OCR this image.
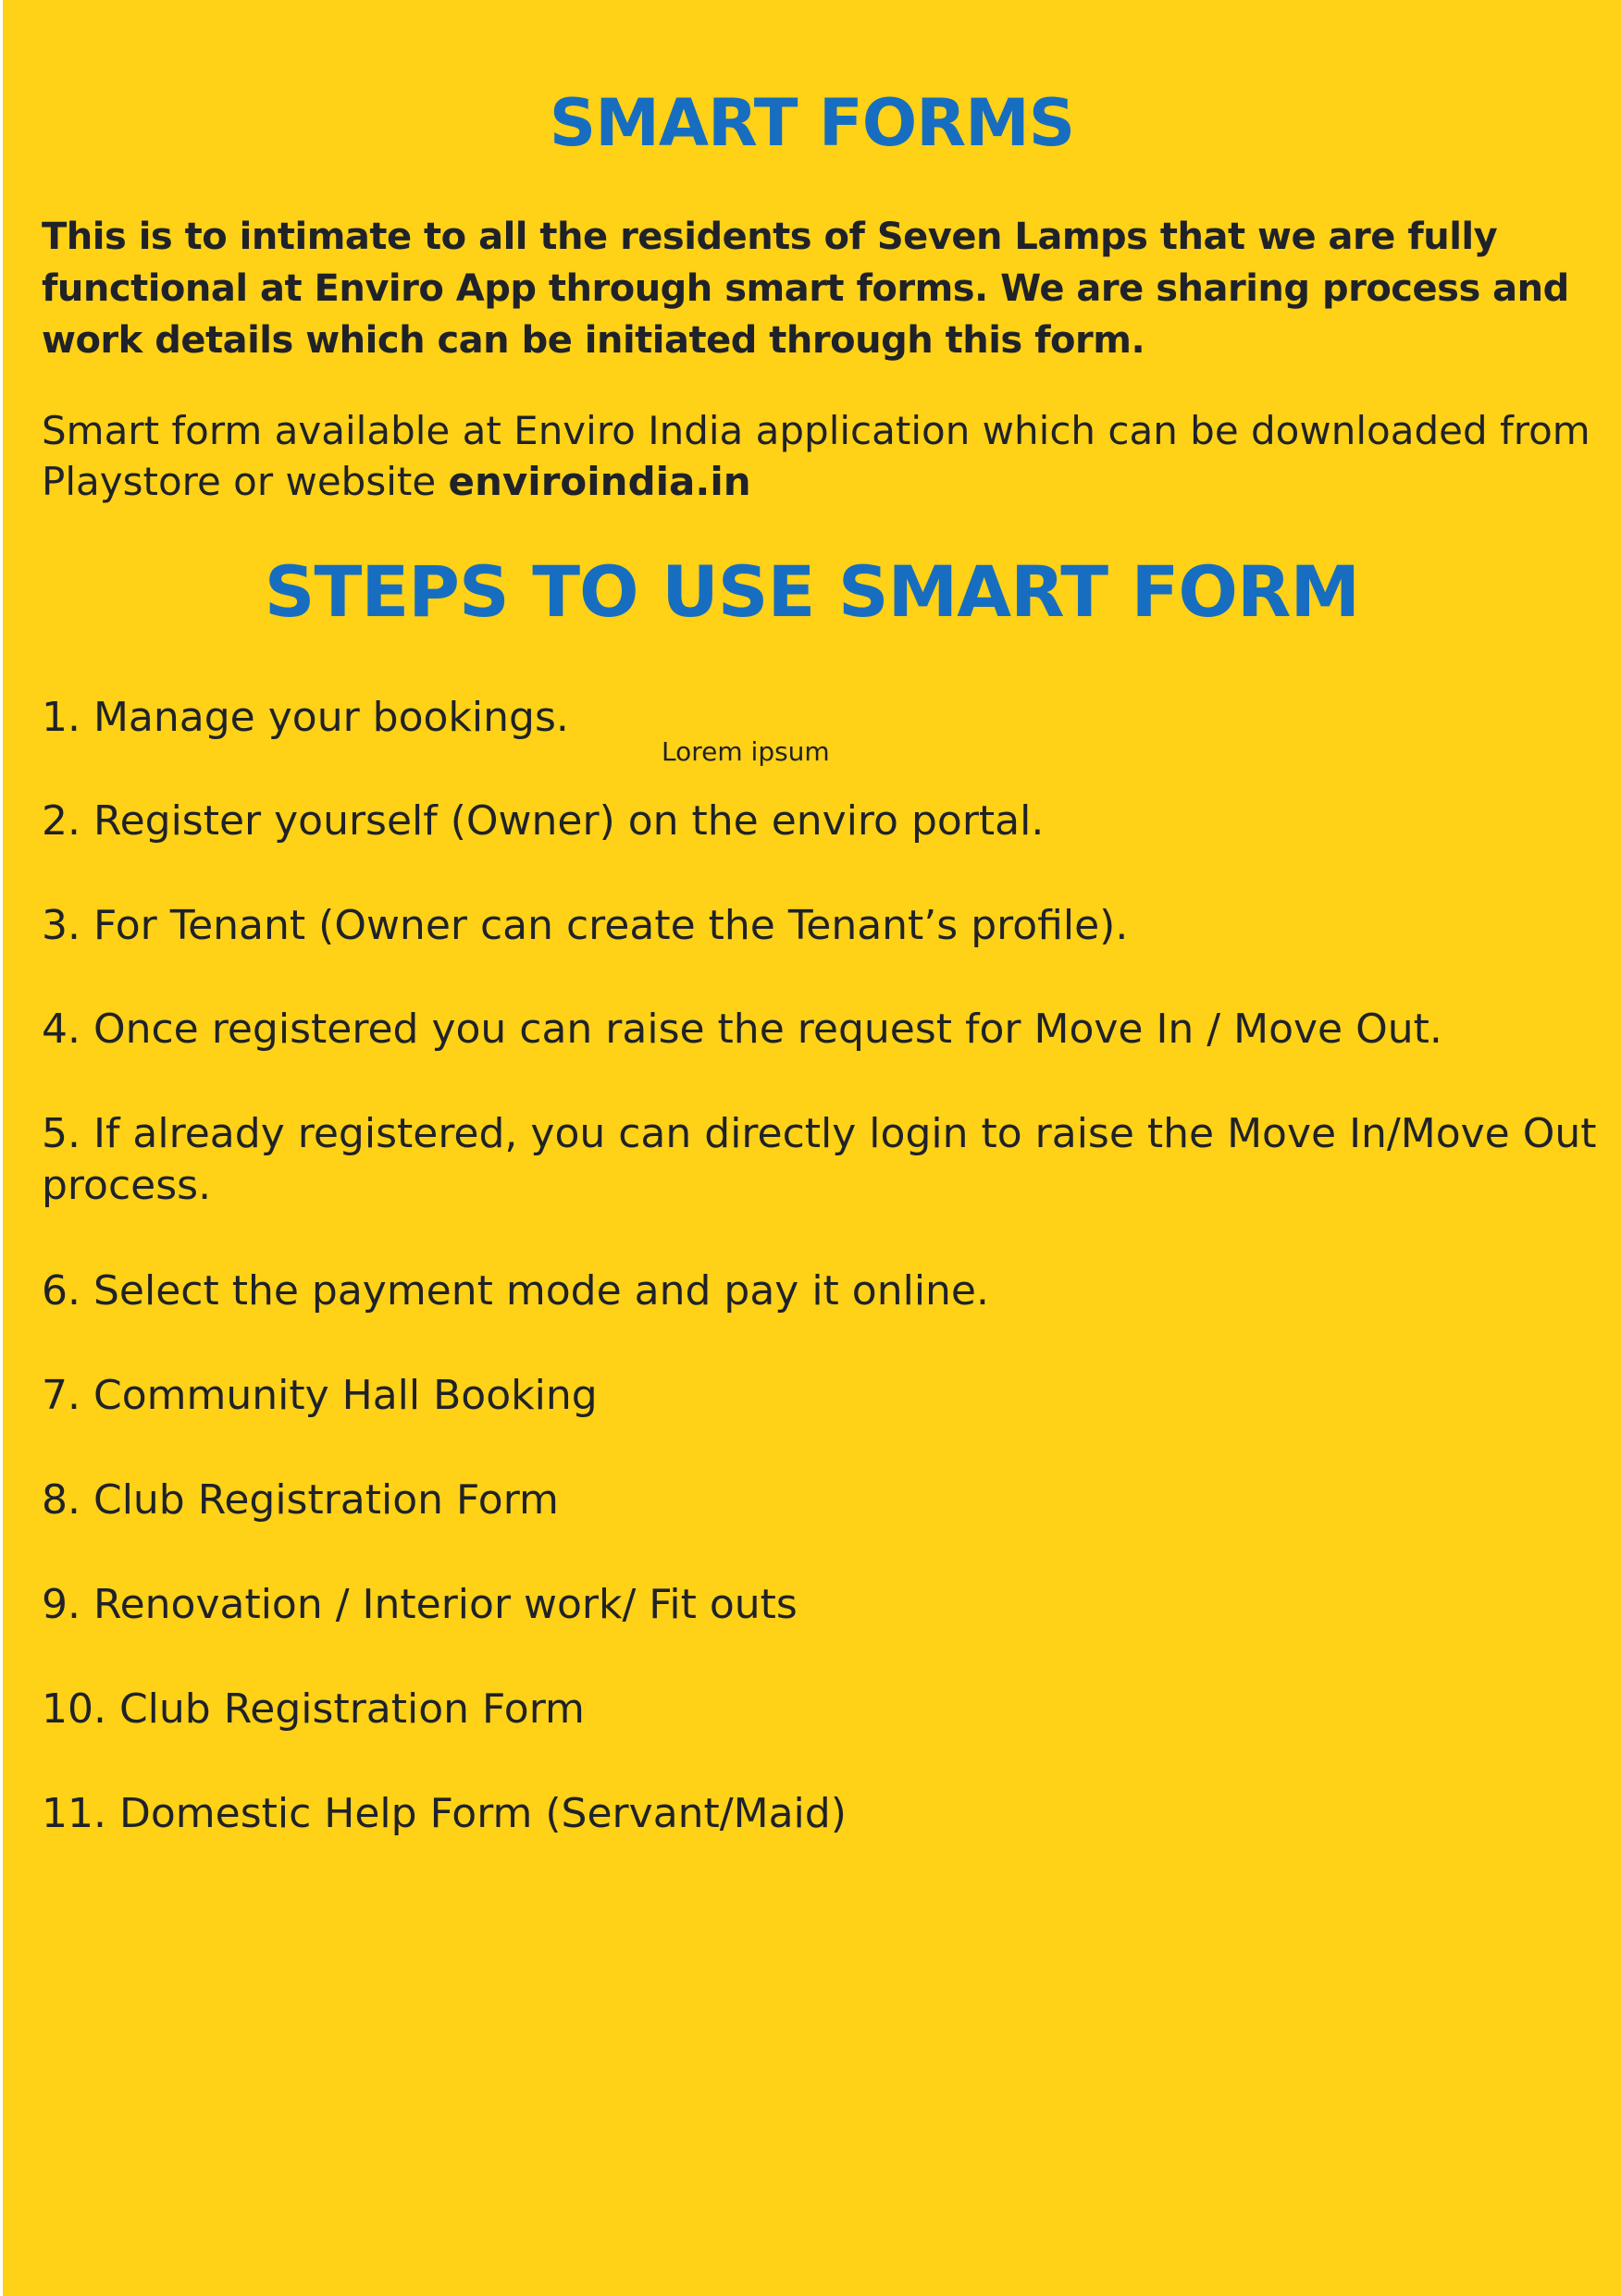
SMART FORMS

This is to intimate to all the residents of Seven Lamps that we are fully functional at Enviro App through smart forms. We are sharing process and work details which can be initiated through this form.

Smart form available at Enviro India application which can be downloaded from Playstore or website enviroindia.in

STEPS TO USE SMART FORM
Lorem ipsum
1. Manage your bookings.
2. Register yourself (Owner) on the enviro portal.
3. For Tenant (Owner can create the Tenant’s profile).
4. Once registered you can raise the request for Move In / Move Out.
5. If already registered, you can directly login to raise the Move In/Move Out process.
6. Select the payment mode and pay it online.
7. Community Hall Booking
8. Club Registration Form
9. Renovation / Interior work/ Fit outs
10. Club Registration Form
11. Domestic Help Form (Servant/Maid)
